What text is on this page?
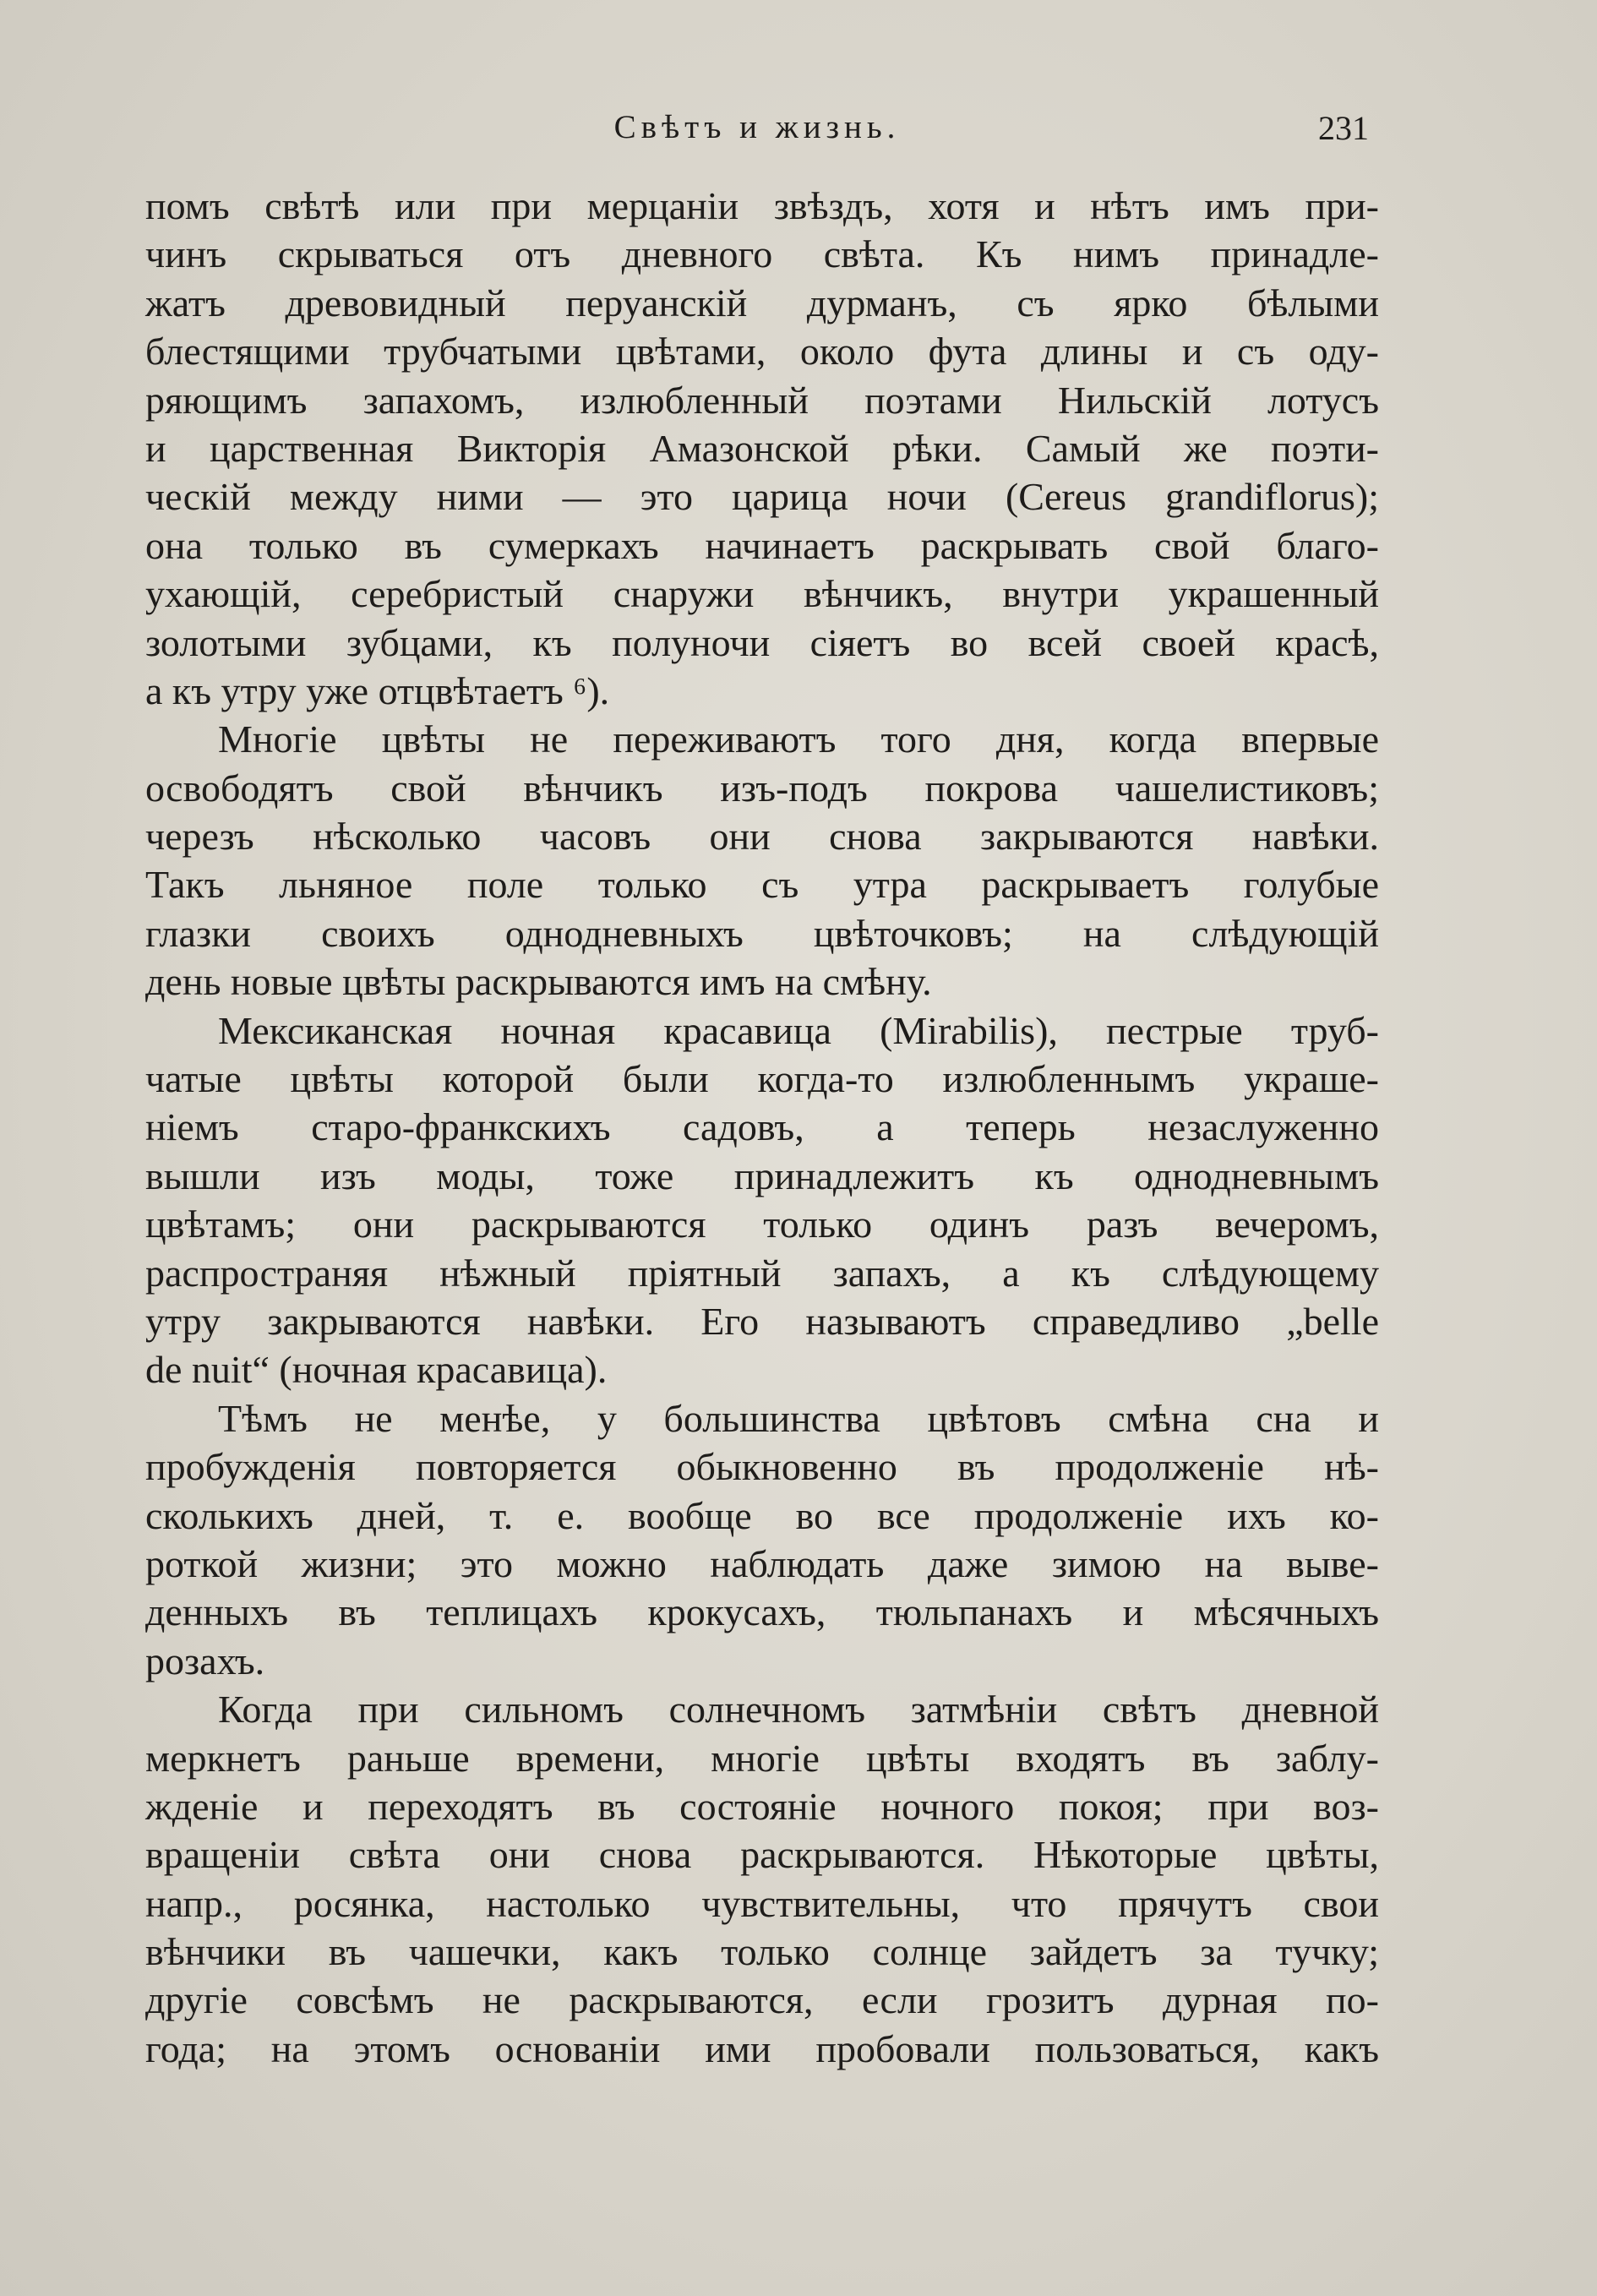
Свѣтъ и жизнь.	231
помъ свѣтѣ или при мерцаніи звѣздъ, хотя и нѣтъ имъ при-
чинъ скрываться отъ дневного свѣта. Къ нимъ принадле-
жатъ древовидный перуанскій дурманъ, съ ярко бѣлыми
блестящими трубчатыми цвѣтами, около фута длины и съ оду-
ряющимъ запахомъ, излюбленный поэтами Нильскій лотусъ
и царственная Викторія Амазонской рѣки. Самый же поэти-
ческій между ними — это царица ночи (Cereus grandiflorus);
она только въ сумеркахъ начинаетъ раскрывать свой благо-
ухающій, серебристый снаружи вѣнчикъ, внутри украшенный
золотыми зубцами, къ полуночи сіяетъ во всей своей красѣ,
а къ утру уже отцвѣтаетъ ⁶).
Многіе цвѣты не переживаютъ того дня, когда впервые
освободятъ свой вѣнчикъ изъ-подъ покрова чашелистиковъ;
черезъ нѣсколько часовъ они снова закрываются навѣки.
Такъ льняное поле только съ утра раскрываетъ голубые
глазки своихъ однодневныхъ цвѣточковъ; на слѣдующій
день новые цвѣты раскрываются имъ на смѣну.
Мексиканская ночная красавица (Mirabilis), пестрые труб-
чатые цвѣты которой были когда-то излюбленнымъ украше-
ніемъ старо-франкскихъ садовъ, а теперь незаслуженно
вышли изъ моды, тоже принадлежитъ къ однодневнымъ
цвѣтамъ; они раскрываются только одинъ разъ вечеромъ,
распространяя нѣжный пріятный запахъ, а къ слѣдующему
утру закрываются навѣки. Его называютъ справедливо „belle
de nuit“ (ночная красавица).
Тѣмъ не менѣе, у большинства цвѣтовъ смѣна сна и
пробужденія повторяется обыкновенно въ продолженіе нѣ-
сколькихъ дней, т. е. вообще во все продолженіе ихъ ко-
роткой жизни; это можно наблюдать даже зимою на выве-
денныхъ въ теплицахъ крокусахъ, тюльпанахъ и мѣсячныхъ
розахъ.
Когда при сильномъ солнечномъ затмѣніи свѣтъ дневной
меркнетъ раньше времени, многіе цвѣты входятъ въ заблу-
жденіе и переходятъ въ состояніе ночного покоя; при воз-
вращеніи свѣта они снова раскрываются. Нѣкоторые цвѣты,
напр., росянка, настолько чувствительны, что прячутъ свои
вѣнчики въ чашечки, какъ только солнце зайдетъ за тучку;
другіе совсѣмъ не раскрываются, если грозитъ дурная по-
года; на этомъ основаніи ими пробовали пользоваться, какъ
